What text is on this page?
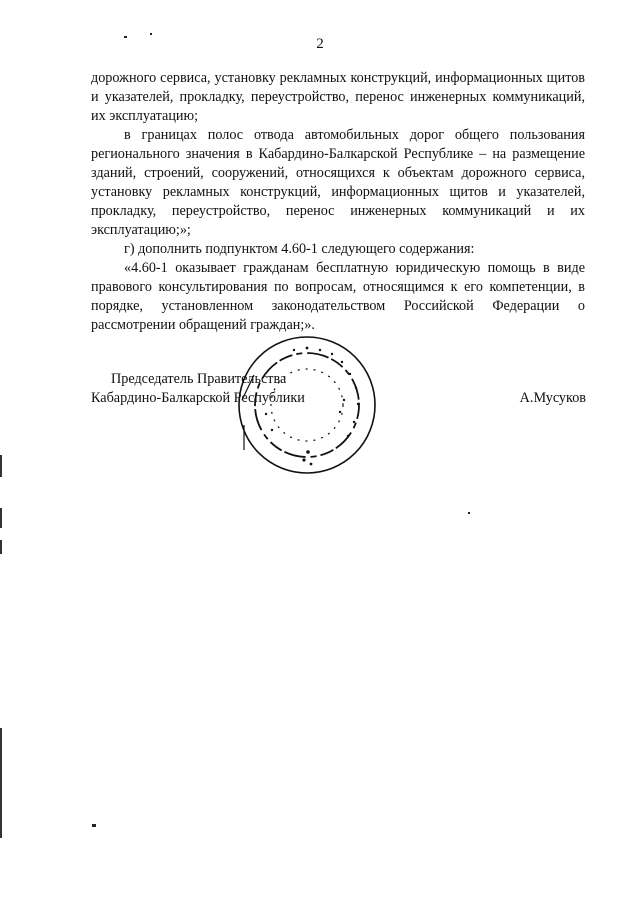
2

дорожного сервиса, установку рекламных конструкций, информационных щитов и указателей, прокладку, переустройство, перенос инженерных коммуникаций, их эксплуатацию;

в границах полос отвода автомобильных дорог общего пользования регионального значения в Кабардино-Балкарской Республике – на размещение зданий, строений, сооружений, относящихся к объектам дорожного сервиса, установку рекламных конструкций, информационных щитов и указателей, прокладку, переустройство, перенос инженерных коммуникаций и их эксплуатацию;»;

г) дополнить подпунктом 4.60-1 следующего содержания:

«4.60-1 оказывает гражданам бесплатную юридическую помощь в виде правового консультирования по вопросам, относящимся к его компетенции, в порядке, установленном законодательством Российской Федерации о рассмотрении обращений граждан;».

Председатель Правительства
Кабардино-Балкарской Республики	А.Мусуков
